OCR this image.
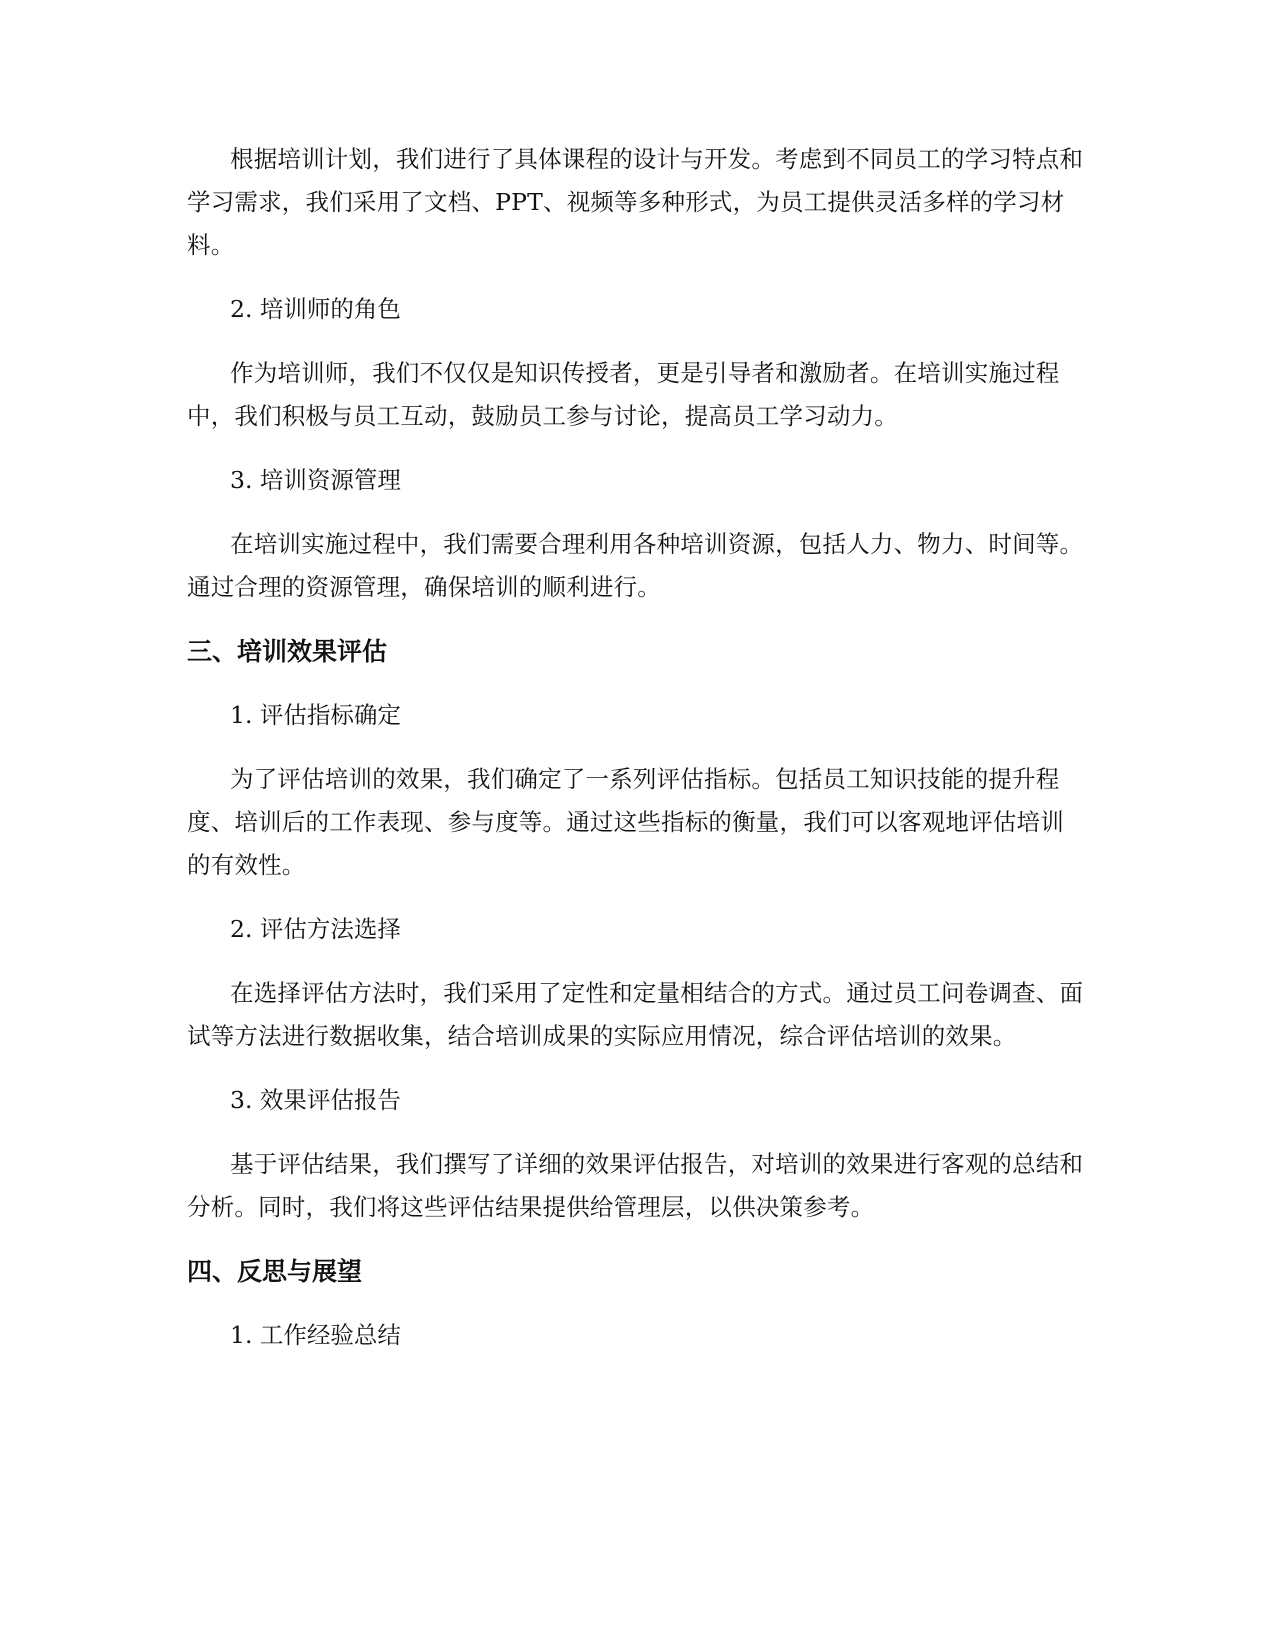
根据培训计划，我们进行了具体课程的设计与开发。考虑到不同员工的学习特点和学习需求，我们采用了文档、PPT、视频等多种形式，为员工提供灵活多样的学习材料。

2. 培训师的角色

作为培训师，我们不仅仅是知识传授者，更是引导者和激励者。在培训实施过程中，我们积极与员工互动，鼓励员工参与讨论，提高员工学习动力。

3. 培训资源管理

在培训实施过程中，我们需要合理利用各种培训资源，包括人力、物力、时间等。通过合理的资源管理，确保培训的顺利进行。

三、培训效果评估

1. 评估指标确定

为了评估培训的效果，我们确定了一系列评估指标。包括员工知识技能的提升程度、培训后的工作表现、参与度等。通过这些指标的衡量，我们可以客观地评估培训的有效性。

2. 评估方法选择

在选择评估方法时，我们采用了定性和定量相结合的方式。通过员工问卷调查、面试等方法进行数据收集，结合培训成果的实际应用情况，综合评估培训的效果。

3. 效果评估报告

基于评估结果，我们撰写了详细的效果评估报告，对培训的效果进行客观的总结和分析。同时，我们将这些评估结果提供给管理层，以供决策参考。

四、反思与展望

1. 工作经验总结
